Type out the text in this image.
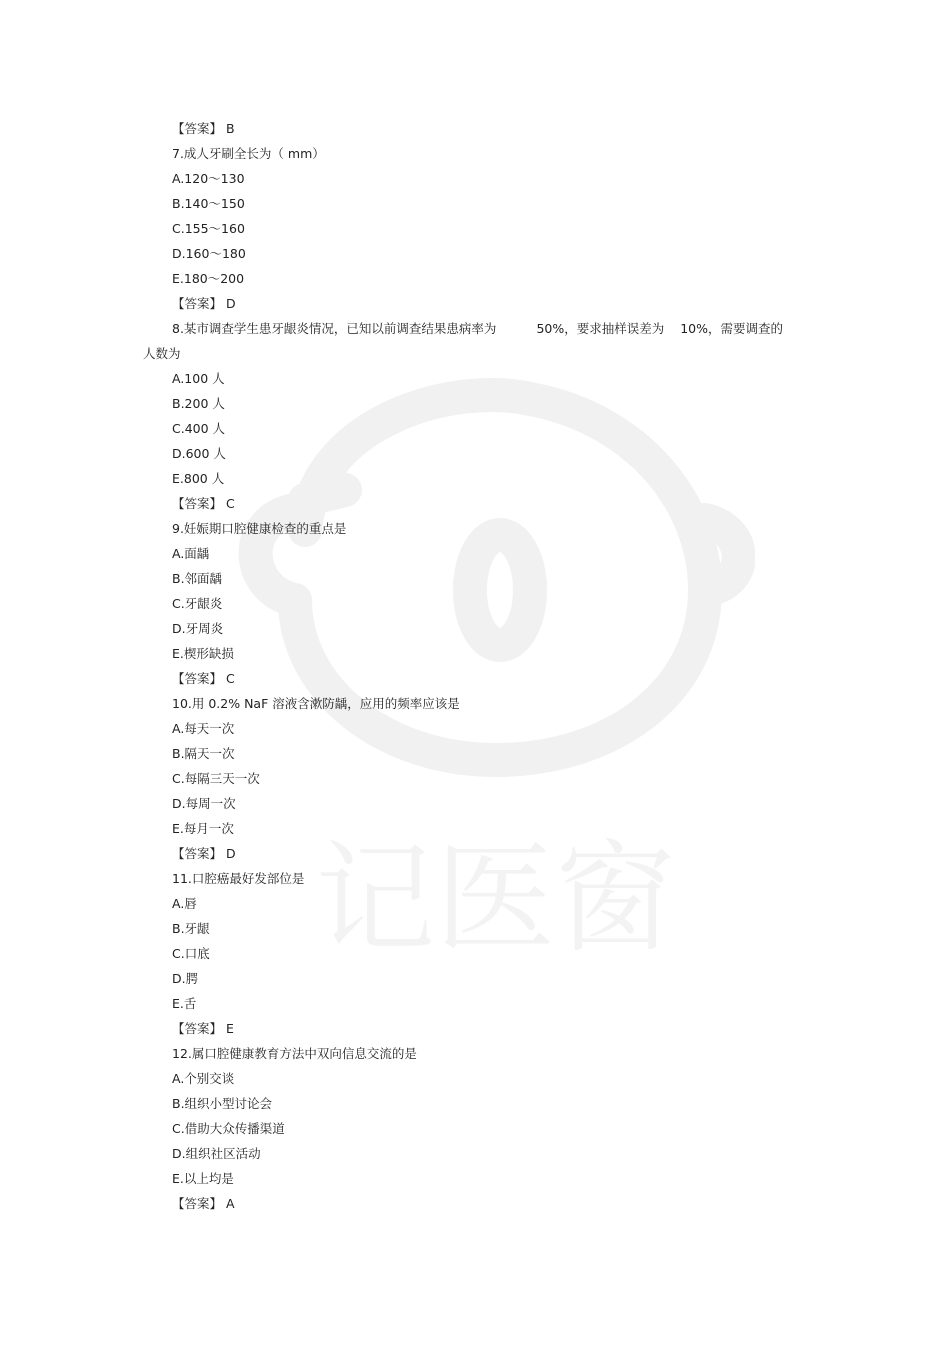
记医窗
【答案】 B
7.成人牙刷全长为（ mm）
A.120～130
B.140～150
C.155～160
D.160～180
E.180～200
【答案】 D
8.某市调查学生患牙龈炎情况，已知以前调查结果患病率为	50%，要求抽样误差为 10%，需要调查的
人数为
A.100 人
B.200 人
C.400 人
D.600 人
E.800 人
【答案】 C
9.妊娠期口腔健康检查的重点是
A.面龋
B.邻面龋
C.牙龈炎
D.牙周炎
E.楔形缺损
【答案】 C
10.用 0.2% NaF 溶液含漱防龋，应用的频率应该是
A.每天一次
B.隔天一次
C.每隔三天一次
D.每周一次
E.每月一次
【答案】 D
11.口腔癌最好发部位是
A.唇
B.牙龈
C.口底
D.腭
E.舌
【答案】 E
12.属口腔健康教育方法中双向信息交流的是
A.个别交谈
B.组织小型讨论会
C.借助大众传播渠道
D.组织社区活动
E.以上均是
【答案】 A
